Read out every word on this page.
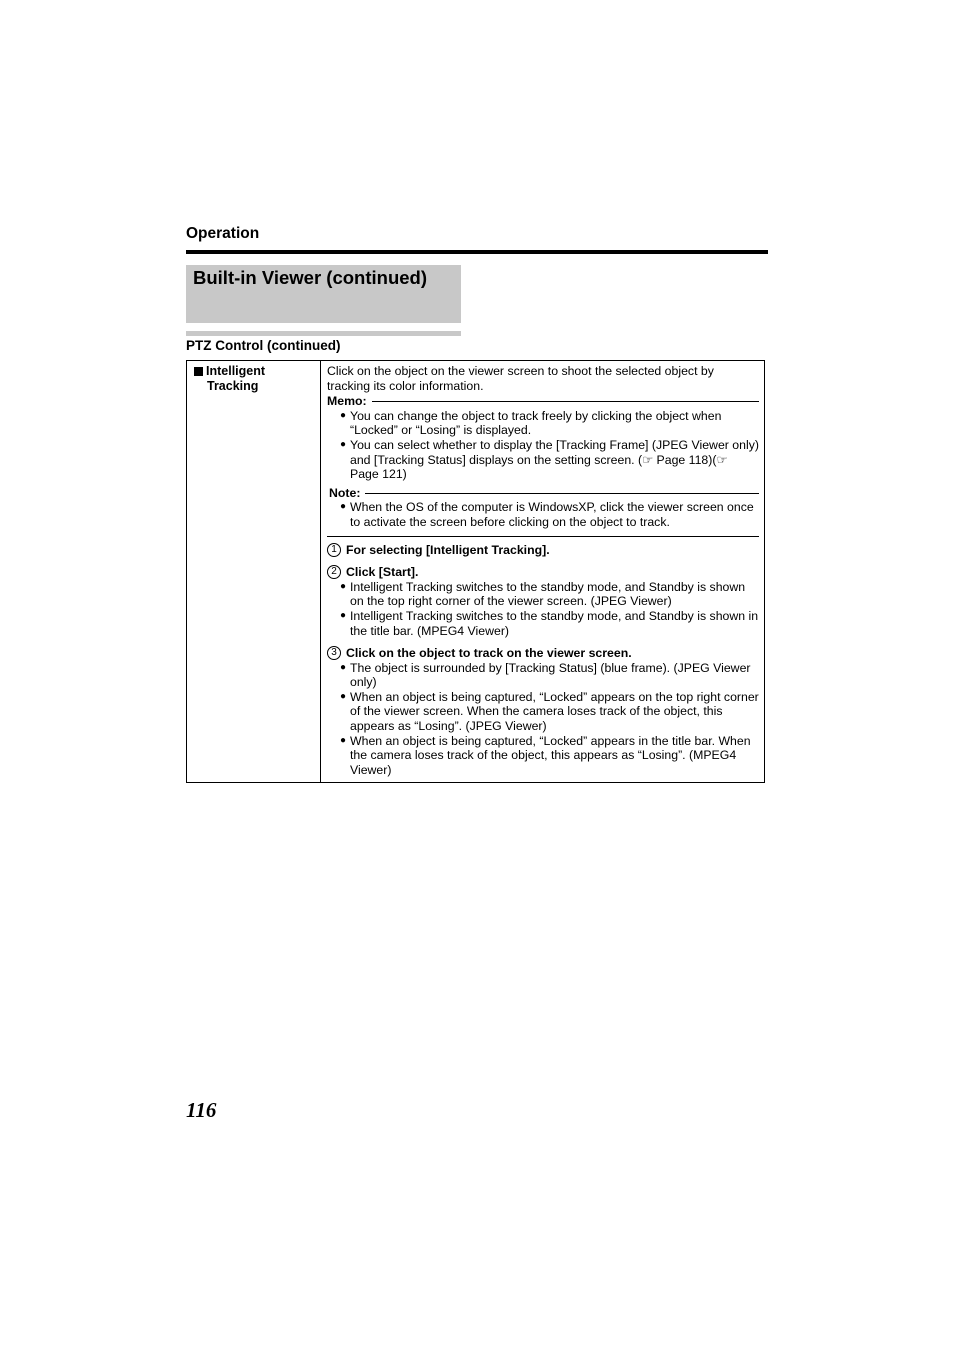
Operation
Built-in Viewer (continued)
PTZ Control (continued)
Intelligent
Tracking

Click on the object on the viewer screen to shoot the selected object by tracking its color information.

Memo:
● You can change the object to track freely by clicking the object when “Locked” or “Losing” is displayed.
● You can select whether to display the [Tracking Frame] (JPEG Viewer only) and [Tracking Status] displays on the setting screen. (☞ Page 118)(☞ Page 121)
Note:
● When the OS of the computer is WindowsXP, click the viewer screen once to activate the screen before clicking on the object to track.
1 For selecting [Intelligent Tracking].
2 Click [Start].
● Intelligent Tracking switches to the standby mode, and Standby is shown on the top right corner of the viewer screen. (JPEG Viewer)
● Intelligent Tracking switches to the standby mode, and Standby is shown in the title bar. (MPEG4 Viewer)
3 Click on the object to track on the viewer screen.
● The object is surrounded by [Tracking Status] (blue frame). (JPEG Viewer only)
● When an object is being captured, “Locked” appears on the top right corner of the viewer screen. When the camera loses track of the object, this appears as “Losing”. (JPEG Viewer)
● When an object is being captured, “Locked” appears in the title bar. When the camera loses track of the object, this appears as “Losing”. (MPEG4 Viewer)
116
